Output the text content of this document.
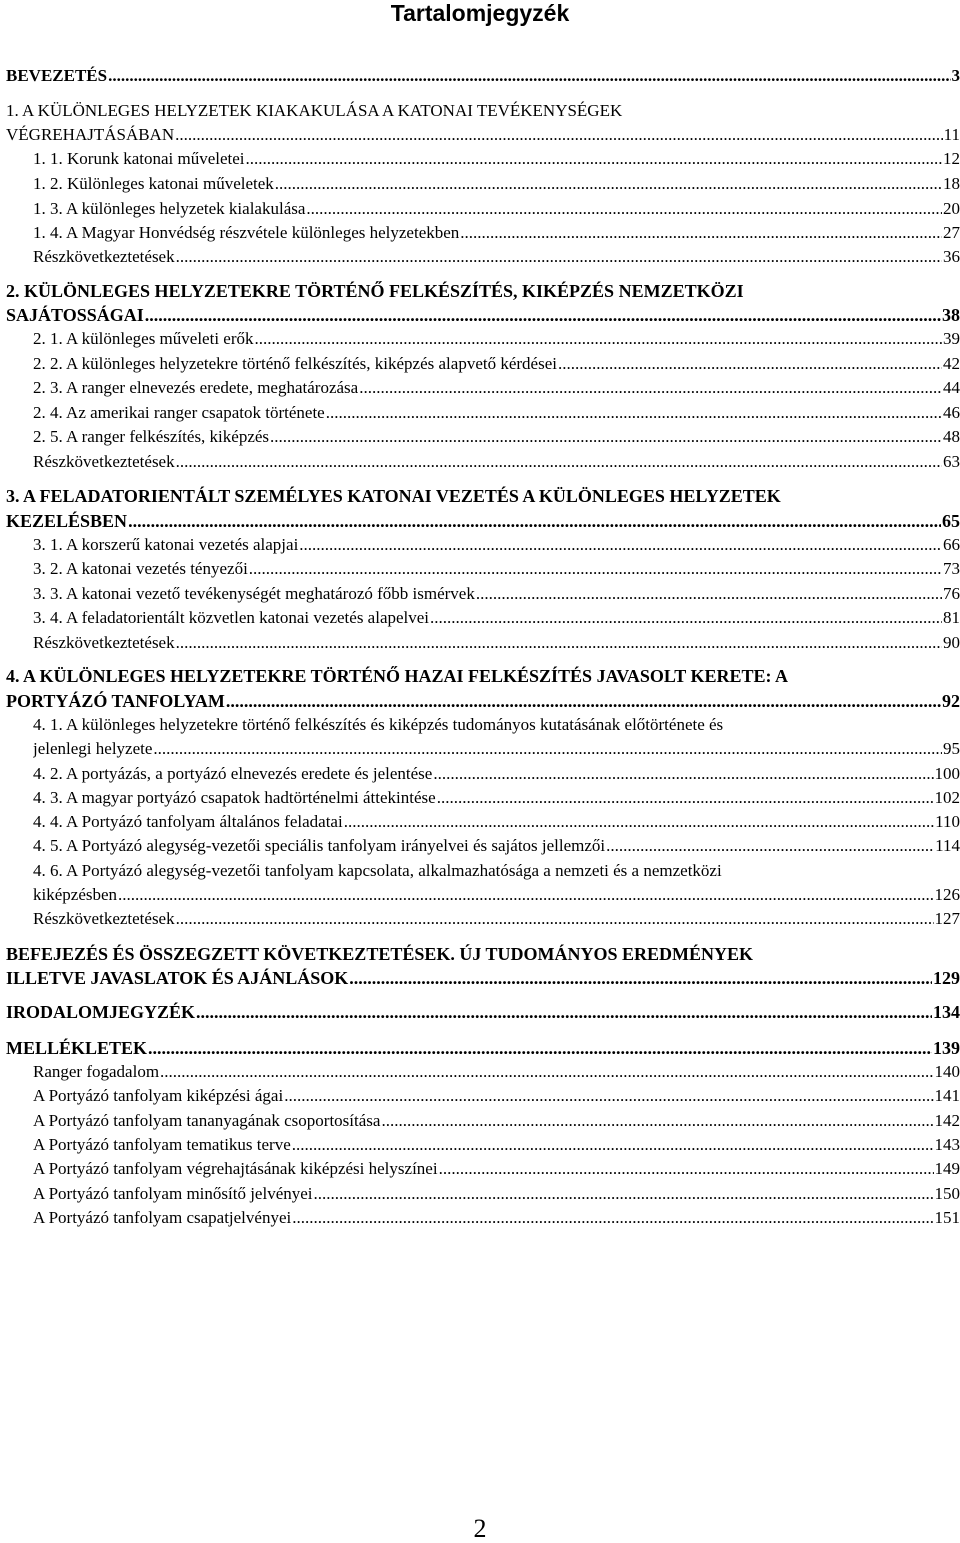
Tartalomjegyzék
BEVEZETÉS .....	3
1. A KÜLÖNLEGES HELYZETEK KIAKAKULÁSA A KATONAI TEVÉKENYSÉGEK
VÉGREHAJTÁSÁBAN .....	11
1. 1. Korunk katonai műveletei .....	12
1. 2. Különleges katonai műveletek .....	18
1. 3. A különleges helyzetek kialakulása .....	20
1. 4. A Magyar Honvédség részvétele különleges helyzetekben .....	27
Részkövetkeztetések .....	36
2. KÜLÖNLEGES HELYZETEKRE TÖRTÉNŐ FELKÉSZÍTÉS, KIKÉPZÉS NEMZETKÖZI
SAJÁTOSSÁGAI .....	38
2. 1. A különleges műveleti erők .....	39
2. 2. A különleges helyzetekre történő felkészítés, kiképzés alapvető kérdései .....	42
2. 3. A ranger elnevezés eredete, meghatározása .....	44
2. 4. Az amerikai ranger csapatok története .....	46
2. 5. A ranger felkészítés, kiképzés .....	48
Részkövetkeztetések .....	63
3. A FELADATORIENTÁLT SZEMÉLYES KATONAI VEZETÉS A KÜLÖNLEGES HELYZETEK
KEZELÉSBEN .....	65
3. 1. A korszerű katonai vezetés alapjai .....	66
3. 2. A katonai vezetés tényezői .....	73
3. 3. A katonai vezető tevékenységét meghatározó főbb ismérvek .....	76
3. 4. A feladatorientált közvetlen katonai vezetés alapelvei .....	81
Részkövetkeztetések .....	90
4. A KÜLÖNLEGES HELYZETEKRE TÖRTÉNŐ HAZAI FELKÉSZÍTÉS JAVASOLT KERETE: A
PORTYÁZÓ TANFOLYAM .....	92
4. 1. A különleges helyzetekre történő felkészítés és kiképzés tudományos kutatásának előtörténete és
jelenlegi helyzete .....	95
4. 2. A portyázás, a portyázó elnevezés eredete és jelentése .....	100
4. 3. A magyar portyázó csapatok hadtörténelmi áttekintése .....	102
4. 4. A Portyázó tanfolyam általános feladatai .....	110
4. 5. A Portyázó alegység-vezetői speciális tanfolyam irányelvei és sajátos jellemzői .....	114
4. 6. A Portyázó alegység-vezetői tanfolyam kapcsolata, alkalmazhatósága a nemzeti és a nemzetközi
kiképzésben .....	126
Részkövetkeztetések .....	127
BEFEJEZÉS ÉS ÖSSZEGZETT KÖVETKEZTETÉSEK. ÚJ TUDOMÁNYOS EREDMÉNYEK
ILLETVE JAVASLATOK ÉS AJÁNLÁSOK .....	129
IRODALOMJEGYZÉK .....	134
MELLÉKLETEK .....	139
Ranger fogadalom .....	140
A Portyázó tanfolyam kiképzési ágai .....	141
A Portyázó tanfolyam tananyagának csoportosítása .....	142
A Portyázó tanfolyam tematikus terve .....	143
A Portyázó tanfolyam végrehajtásának kiképzési helyszínei .....	149
A Portyázó tanfolyam minősítő jelvényei .....	150
A Portyázó tanfolyam csapatjelvényei .....	151
2
